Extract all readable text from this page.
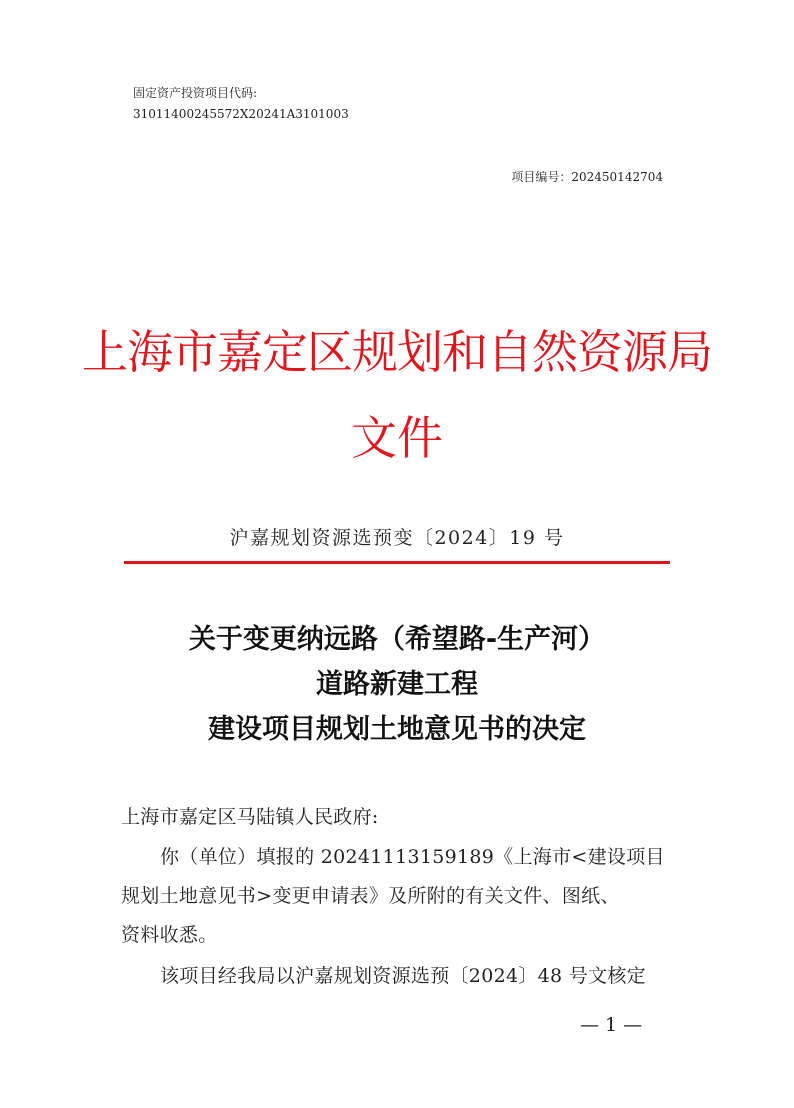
固定资产投资项目代码:
31011400245572X20241A3101003
项目编号：202450142704
上海市嘉定区规划和自然资源局
文件
沪嘉规划资源选预变〔2024〕19 号
关于变更纳远路（希望路-生产河）
道路新建工程
建设项目规划土地意见书的决定
上海市嘉定区马陆镇人民政府:
你（单位）填报的 20241113159189《上海市<建设项目
规划土地意见书>变更申请表》及所附的有关文件、图纸、
资料收悉。
该项目经我局以沪嘉规划资源选预〔2024〕48 号文核定
— 1 —
